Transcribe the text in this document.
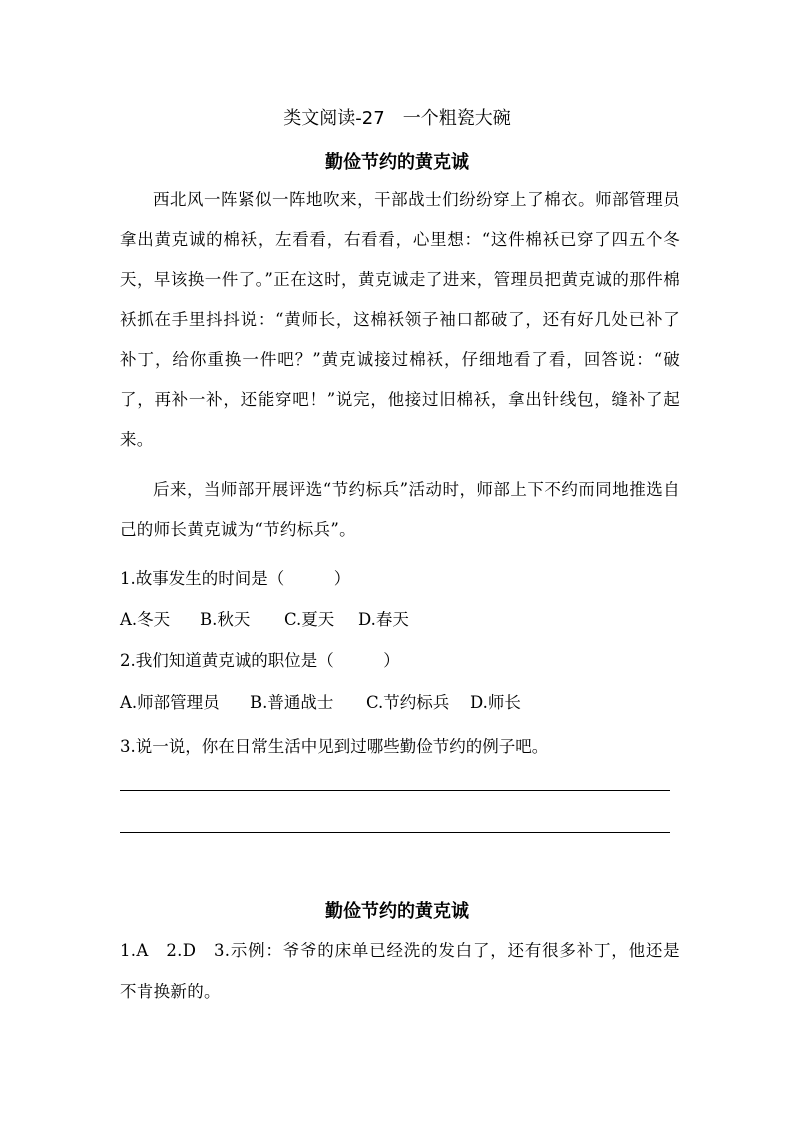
类文阅读-27　一个粗瓷大碗
勤俭节约的黄克诚
西北风一阵紧似一阵地吹来，干部战士们纷纷穿上了棉衣。师部管理员拿出黄克诚的棉袄，左看看，右看看，心里想：“这件棉袄已穿了四五个冬天，早该换一件了。”正在这时，黄克诚走了进来，管理员把黄克诚的那件棉袄抓在手里抖抖说：“黄师长，这棉袄领子袖口都破了，还有好几处已补了补丁，给你重换一件吧？”黄克诚接过棉袄，仔细地看了看，回答说：“破了，再补一补，还能穿吧！”说完，他接过旧棉袄，拿出针线包，缝补了起来。
后来，当师部开展评选“节约标兵”活动时，师部上下不约而同地推选自己的师长黄克诚为“节约标兵”。
1.故事发生的时间是（　　　）
A.冬天 B.秋天 C.夏天 D.春天
2.我们知道黄克诚的职位是（　　　）
A.师部管理员 B.普通战士 C.节约标兵 D.师长
3.说一说，你在日常生活中见到过哪些勤俭节约的例子吧。
勤俭节约的黄克诚
1.A　2.D　3.示例：爷爷的床单已经洗的发白了，还有很多补丁，他还是不肯换新的。
